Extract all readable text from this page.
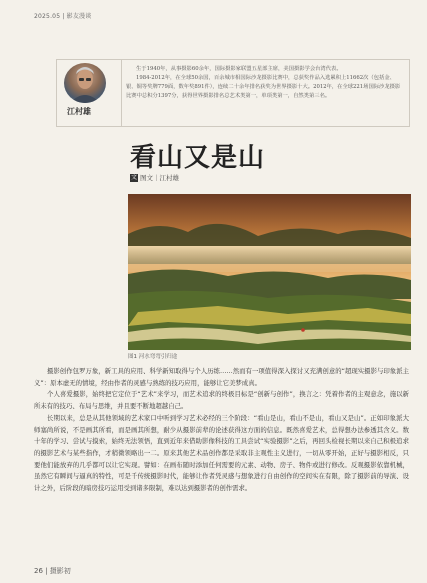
2025.05 | 影友漫谈
江村雄

生于1940年，从事摄影60余年，国际摄影家联盟五星部主席，美国摄影学会台湾代表。

1984-2012年，在全球50余国，百余城市相国际沙龙摄影比赛中，总获奖作品入选累积上11662次（包括金、银、铜等奖牌779面，数年奖891件），连续二十余年排名获奖为世界摄影十大。2012年，在全球221场国际沙龙摄影比赛中总积分1397分，获得世界摄影排名总艺术类第一，单项类第一，自然类第三名。

看山又是山
文 图文｜江村雄
图1 河水弯弯引归途

摄影创作包罗万象，新工具的应用、科学新知取得与个人历练……然而有一项值得深入探讨又充满创意的“超现实摄影与印象派主义”：原本虚无的情境，经由作者的灵感与熟练的技巧应用，能够让它美梦成真。

个人喜爱摄影，始终把它定位于“艺术”来学习，而艺术追求的终极目标是“创新与创作”，换言之：凭着作者的主观意念，施以新所未有的技巧、布局与思维，并且要不断地超越自己。

长期以来，总是从其他领域的艺术家口中听到学习艺术必经的三个阶段：“看山是山，看山不是山，看山又是山”。正如印象派大师塞尚所说，不是画其所看，而是画其所想，耐少从摄影前辈的论述获得这方面的信息。既然喜爱艺术，总得想办法参透其含义。数十年的学习、尝试与摸索，始终无法领悟，直到近年来借助影像科技的工具尝试“实验摄影”之后，再回头检视长期以来自己积极追求的摄影艺术与某些指作，才稍微领略出一二。原来其他艺术品创作都是采取非主观性主义进行，一切从零开始，正好与摄影相反，只要他们能放弃的几乎都可以让它实现。譬如：在画布随时添加任何需要的元素、动物、房子、物件或进行修改。反观摄影依靠机械，虽然它有瞬间与逼真的特性，可是千传统摄影时代，能够让作者凭灵感与想象进行自由创作的空间实在有限，除了摄影前的导演、设计之外，后阶段的暗房技巧运用受到诸多限制，难以达到摄影者的创作需求。

26 | 摄影初
